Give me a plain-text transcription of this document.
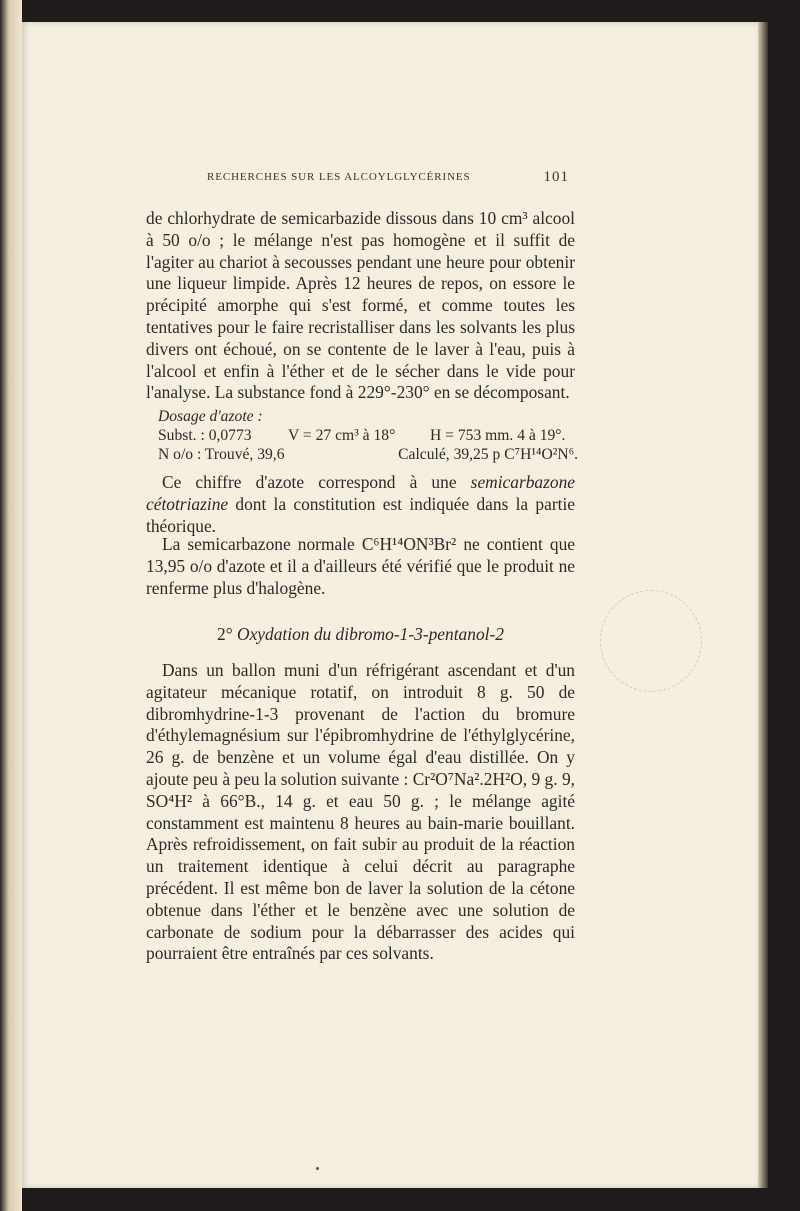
RECHERCHES SUR LES ALCOYLGLYCÉRINES	101

de chlorhydrate de semicarbazide dissous dans 10 cm³ alcool à 50 o/o ; le mélange n'est pas homogène et il suffit de l'agiter au chariot à secousses pendant une heure pour obtenir une liqueur limpide. Après 12 heures de repos, on essore le précipité amorphe qui s'est formé, et comme toutes les tentatives pour le faire recristalliser dans les solvants les plus divers ont échoué, on se contente de le laver à l'eau, puis à l'alcool et enfin à l'éther et de le sécher dans le vide pour l'analyse. La substance fond à 229°-230° en se décomposant.

Dosage d'azote :
Subst. : 0,0773 V = 27 cm³ à 18° H = 753 mm. 4 à 19°.
N o/o : Trouvé, 39,6	Calculé, 39,25 p C⁷H¹⁴O²N⁶.

Ce chiffre d'azote correspond à une semicarbazone cétotriazine dont la constitution est indiquée dans la partie théorique.

La semicarbazone normale C⁶H¹⁴ON³Br² ne contient que 13,95 o/o d'azote et il a d'ailleurs été vérifié que le produit ne renferme plus d'halogène.

2° Oxydation du dibromo-1-3-pentanol-2

Dans un ballon muni d'un réfrigérant ascendant et d'un agitateur mécanique rotatif, on introduit 8 g. 50 de dibromhydrine-1-3 provenant de l'action du bromure d'éthylemagnésium sur l'épibromhydrine de l'éthylglycérine, 26 g. de benzène et un volume égal d'eau distillée. On y ajoute peu à peu la solution suivante : Cr²O⁷Na².2H²O, 9 g. 9, SO⁴H² à 66°B., 14 g. et eau 50 g. ; le mélange agité constamment est maintenu 8 heures au bain-marie bouillant. Après refroidissement, on fait subir au produit de la réaction un traitement identique à celui décrit au paragraphe précédent. Il est même bon de laver la solution de la cétone obtenue dans l'éther et le benzène avec une solution de carbonate de sodium pour la débarrasser des acides qui pourraient être entraînés par ces solvants.
